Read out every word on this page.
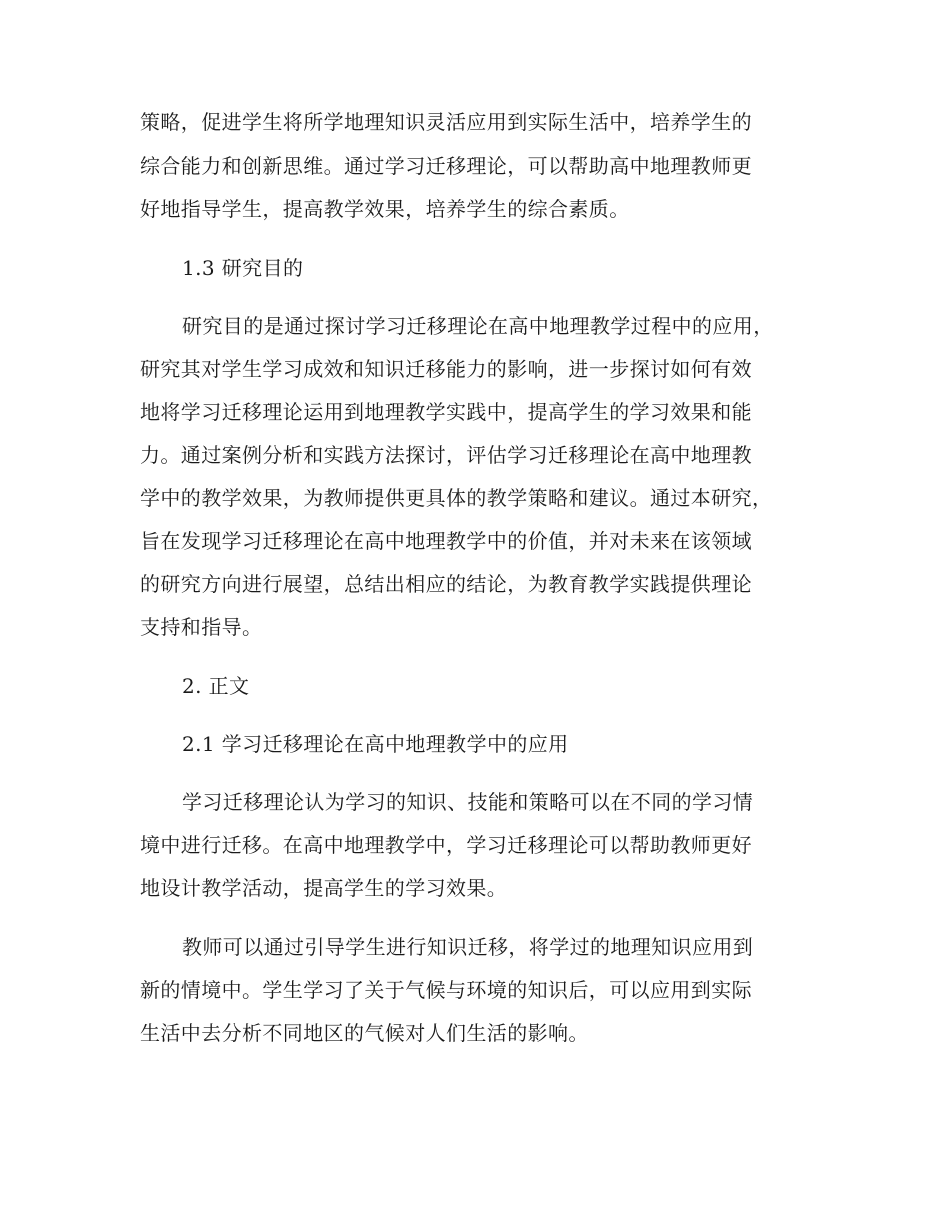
策略，促进学生将所学地理知识灵活应用到实际生活中，培养学生的
综合能力和创新思维。通过学习迁移理论，可以帮助高中地理教师更
好地指导学生，提高教学效果，培养学生的综合素质。
1.3 研究目的
研究目的是通过探讨学习迁移理论在高中地理教学过程中的应用，
研究其对学生学习成效和知识迁移能力的影响，进一步探讨如何有效
地将学习迁移理论运用到地理教学实践中，提高学生的学习效果和能
力。通过案例分析和实践方法探讨，评估学习迁移理论在高中地理教
学中的教学效果，为教师提供更具体的教学策略和建议。通过本研究，
旨在发现学习迁移理论在高中地理教学中的价值，并对未来在该领域
的研究方向进行展望，总结出相应的结论，为教育教学实践提供理论
支持和指导。
2. 正文
2.1 学习迁移理论在高中地理教学中的应用
学习迁移理论认为学习的知识、技能和策略可以在不同的学习情
境中进行迁移。在高中地理教学中，学习迁移理论可以帮助教师更好
地设计教学活动，提高学生的学习效果。
教师可以通过引导学生进行知识迁移，将学过的地理知识应用到
新的情境中。学生学习了关于气候与环境的知识后，可以应用到实际
生活中去分析不同地区的气候对人们生活的影响。
